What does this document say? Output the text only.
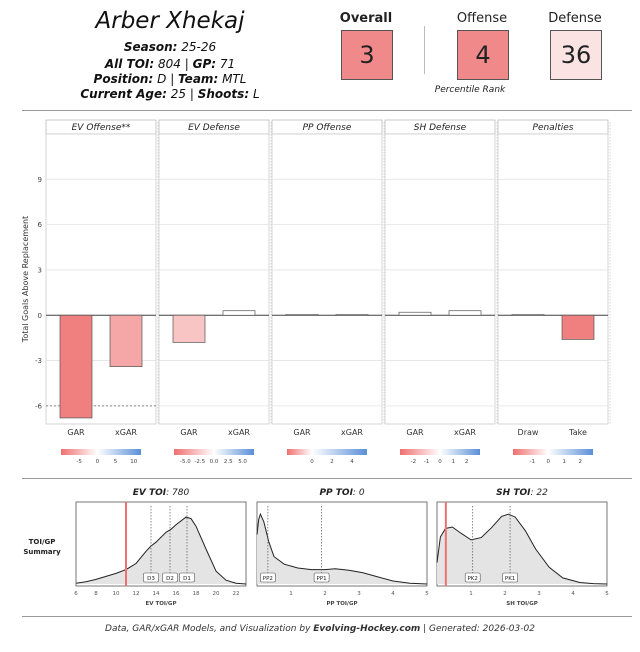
Arber Xhekaj
Season: 25-26
All TOI: 804 | GP: 71
Position: D | Team: MTL
Current Age: 25 | Shoots: L
Overall
3
Offense
4
Defense
36
Percentile Rank
Total Goals Above Replacement
-6
-3
0
3
6
9
EV Offense**
GAR	xGAR
-5 0	5 10
EV Defense
GAR	xGAR
-5.0 -2.5 0.0 2.5 5.0
PP Offense
GAR	xGAR
0	2	4
SH Defense
GAR	xGAR
-2 -1 0 1 2
Penalties
Draw	Take
-1 0 1 2
TOI/GP
Summary
EV TOI: 780
D3 D2 D1
6	8	10 12 14 16 18 20 22
EV TOI/GP
PP TOI: 0
PP2	PP1
1	2	3	4	5
PP TOI/GP
SH TOI: 22
PK2	PK1
1	2	3	4	5
SH TOI/GP
Data, GAR/xGAR Models, and Visualization by Evolving-Hockey.com | Generated: 2026-03-02
